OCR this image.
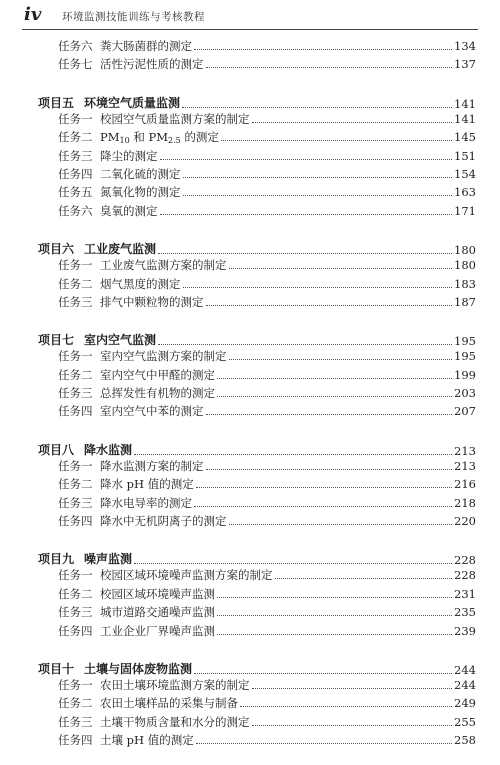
iv 环境监测技能训练与考核教程
任务六 粪大肠菌群的测定	134
任务七 活性污泥性质的测定	137
项目五 环境空气质量监测	141
任务一 校园空气质量监测方案的制定	141
任务二 $PM_{10}$ 和 $PM_{2.5}$ 的测定	145
任务三 降尘的测定	151
任务四 二氧化硫的测定	154
任务五 氮氧化物的测定	163
任务六 臭氧的测定	171
项目六 工业废气监测	180
任务一 工业废气监测方案的制定	180
任务二 烟气黑度的测定	183
任务三 排气中颗粒物的测定	187
项目七 室内空气监测	195
任务一 室内空气监测方案的制定	195
任务二 室内空气中甲醛的测定	199
任务三 总挥发性有机物的测定	203
任务四 室内空气中苯的测定	207
项目八 降水监测	213
任务一 降水监测方案的制定	213
任务二 降水 pH 值的测定	216
任务三 降水电导率的测定	218
任务四 降水中无机阴离子的测定	220
项目九 噪声监测	228
任务一 校园区域环境噪声监测方案的制定	228
任务二 校园区域环境噪声监测	231
任务三 城市道路交通噪声监测	235
任务四 工业企业厂界噪声监测	239
项目十 土壤与固体废物监测	244
任务一 农田土壤环境监测方案的制定	244
任务二 农田土壤样品的采集与制备	249
任务三 土壤干物质含量和水分的测定	255
任务四 土壤 pH 值的测定	258
